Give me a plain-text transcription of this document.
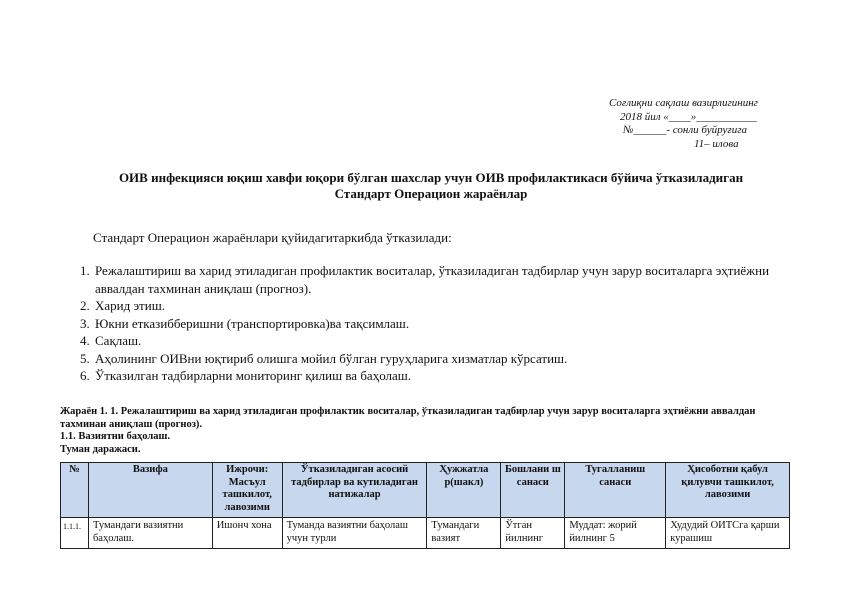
Соғлиқни сақлаш вазирлигининг
2018 йил «____»___________
№______- сонли буйруғига
11– илова
ОИВ инфекцияси юқиш хавфи юқори бўлган шахслар учун ОИВ профилактикаси бўйича ўтказиладиган
Стандарт Операцион жараёнлар
Стандарт Операцион жараёнлари қуйидагитаркибда ўтказилади:
1. Режалаштириш ва харид этиладиган профилактик воситалар, ўтказиладиган тадбирлар учун зарур воситаларга эҳтиёжни аввалдан тахминан аниқлаш (прогноз).
2. Харид этиш.
3. Юкни етказибберишни (транспортировка)ва тақсимлаш.
4. Сақлаш.
5. Аҳолининг ОИВни юқтириб олишга мойил бўлган гуруҳларига хизматлар кўрсатиш.
6. Ўтказилган тадбирларни мониторинг қилиш ва баҳолаш.
Жараён 1. 1. Режалаштириш ва харид этиладиган профилактик воситалар, ўтказиладиган тадбирлар учун зарур воситаларга эҳтиёжни аввалдан тахминан аниқлаш (прогноз).
1.1. Вазиятни баҳолаш.
Туман даражаси.
№	Вазифа	Ижрочи: Масъул ташкилот, лавозими	Ўтказиладиган асосий тадбирлар ва кутиладиган натижалар	Ҳужжатла р(шакл)	Бошлани ш санаси	Тугалланиш санаси	Ҳисоботни қабул қилувчи ташкилот, лавозими
1.1.1.	Тумандаги вазиятни баҳолаш.	Ишонч хона	Туманда вазиятни баҳолаш учун турли	Тумандаги вазият	Ўтган йилнинг	Муддат: жорий йилнинг 5	Худудий ОИТСга қарши курашиш
